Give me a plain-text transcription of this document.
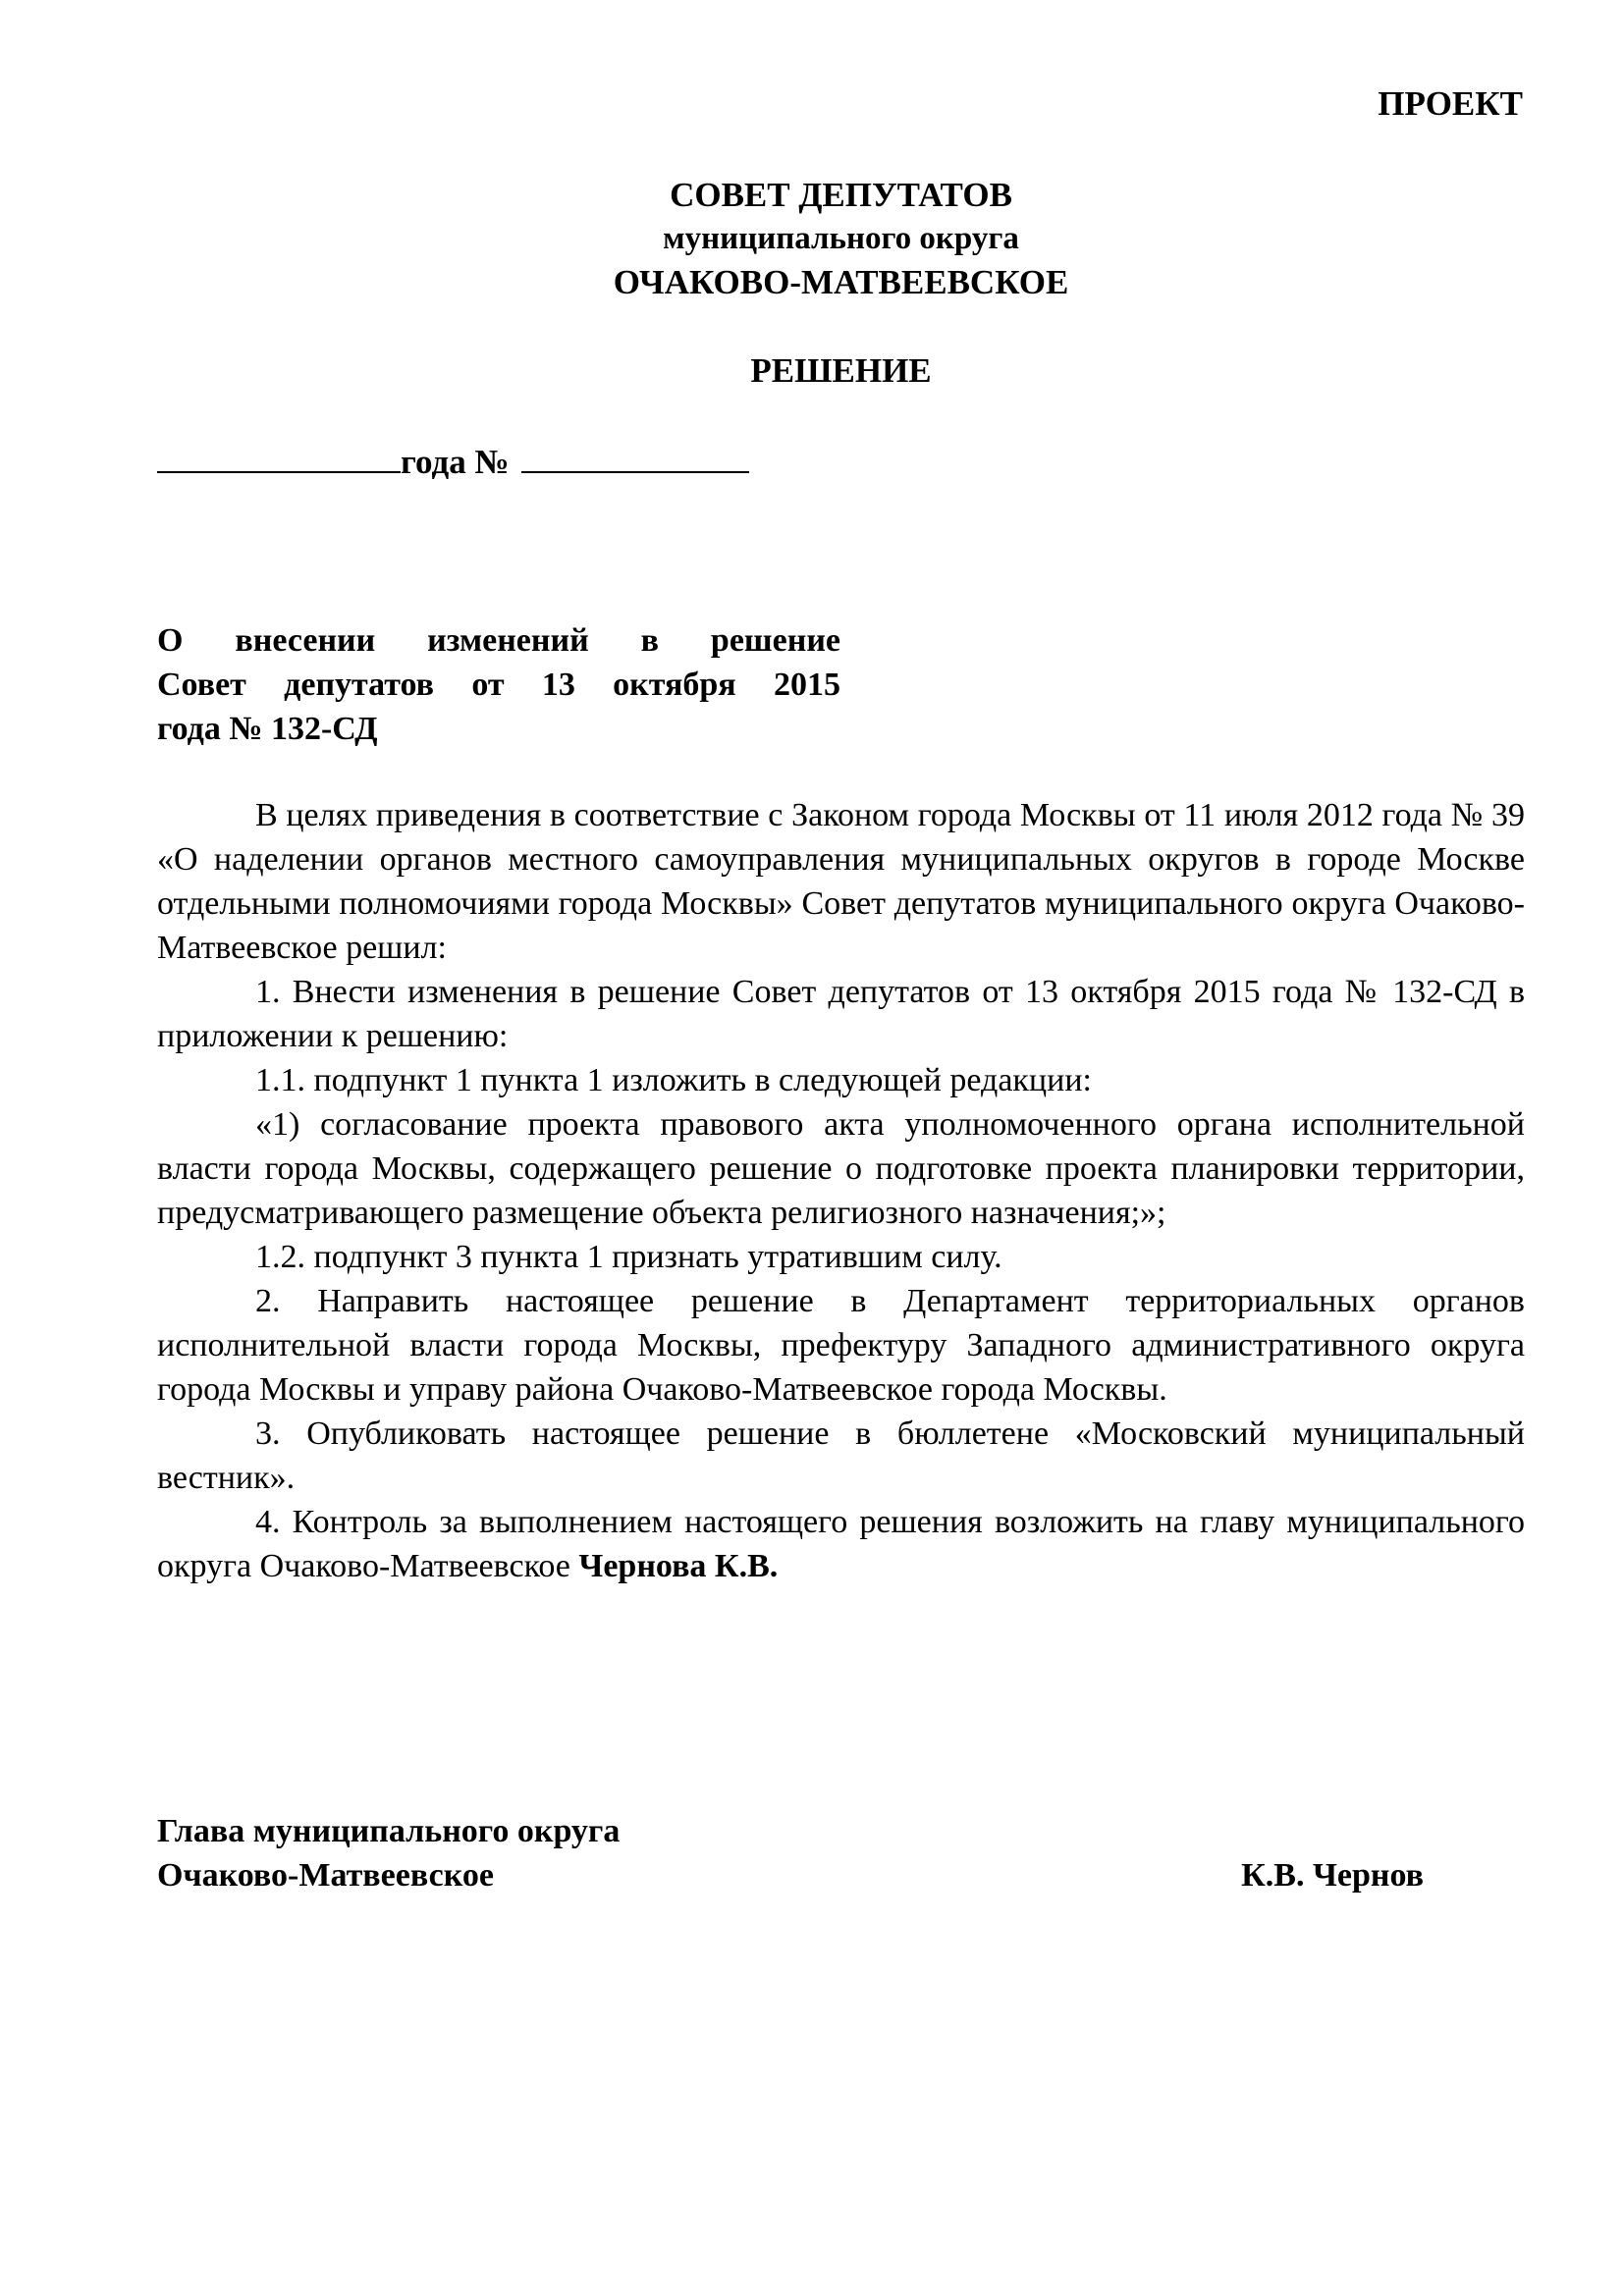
ПРОЕКТ
СОВЕТ ДЕПУТАТОВ
муниципального округа
ОЧАКОВО-МАТВЕЕВСКОЕ
РЕШЕНИЕ
года №
О внесении изменений в решение
Совет депутатов от 13 октября 2015
года № 132-СД

В целях приведения в соответствие с Законом города Москвы от 11 июля 2012 года № 39 «О наделении органов местного самоуправления муниципальных округов в городе Москве отдельными полномочиями города Москвы» Совет депутатов муниципального округа Очаково-Матвеевское решил:

1. Внести изменения в решение Совет депутатов от 13 октября 2015 года № 132-СД в приложении к решению:

1.1. подпункт 1 пункта 1 изложить в следующей редакции:

«1) согласование проекта правового акта уполномоченного органа исполнительной власти города Москвы, содержащего решение о подготовке проекта планировки территории, предусматривающего размещение объекта религиозного назначения;»;

1.2. подпункт 3 пункта 1 признать утратившим силу.

2. Направить настоящее решение в Департамент территориальных органов исполнительной власти города Москвы, префектуру Западного административного округа города Москвы и управу района Очаково-Матвеевское города Москвы.

3. Опубликовать настоящее решение в бюллетене «Московский муниципальный вестник».

4. Контроль за выполнением настоящего решения возложить на главу муниципального округа Очаково-Матвеевское Чернова К.В.

Глава муниципального округа
Очаково-Матвеевское	К.В. Чернов
